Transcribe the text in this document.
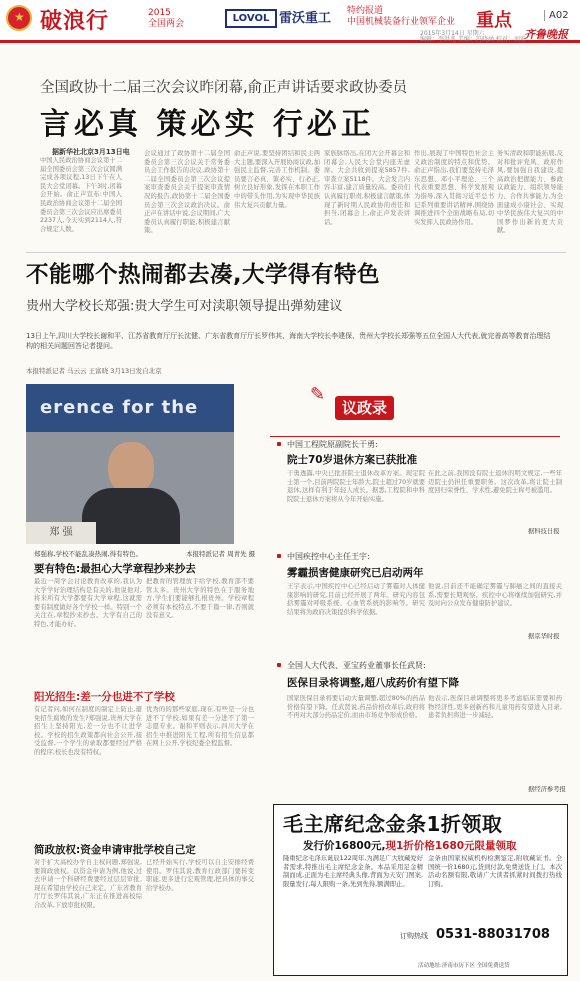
★
破浪行	2015
全国两会	LOVOL 雷沃重工 特约报道
中国机械装备行业领军企业 重点	A02
2015年3月14日 星期六
编辑：李洪兆 美编：冯晓涵 校对：刘宏
齐鲁晚报
全国政协十二届三次会议昨闭幕,俞正声讲话要求政协委员
言必真 策必实 行必正
据新华社北京3月13日电
中国人民政治协商会议第十二届全国委员会第三次会议圆满完成各项议程,13日下午在人民大会堂闭幕。下午3时,闭幕会开始。俞正声宣布:中国人民政治协商会议第十二届全国委员会第三次会议应出席委员2237人,今天实到2114人,符合规定人数。
会议通过了政协第十二届全国委员会第三次会议关于常务委员会工作报告的决议,政协第十二届全国委员会第三次会议提案审查委员会关于提案审查情况的报告,政协第十二届全国委员会第三次会议政治决议。俞正声在讲话中说,会议期间,广大委员认真履行职能,积极建言献策。
俞正声说,要坚持团结和民主两大主题,要深入开展协商议政,加强民主监督,完善工作机制。委员要言必真、策必实、行必正,树立良好形象,发挥在本职工作中的带头作用,为实现中华民族伟大复兴贡献力量。
家族脉络出,在闭大会开幕会和闭幕会,人民大会堂内座无虚席。大会共收到提案5857件,审查立案5118件。大会发言内容丰富,建言质量较高。委员们认真履行职责,积极建言献策,体现了新时期人民政协的责任和担当,闭幕会上,俞正声发表讲话。
作出,展现了中国特色社会主义政治制度的特点和优势。俞正声指出,我们要坚持毛泽东思想、邓小平理论、三个代表重要思想、科学发展观为指导,深入贯彻习近平总书记系列重要讲话精神,围绕协调推进四个全面战略布局,切实发挥人民政协作用。
务实清政和职能拓展,反对和批评党风、政府作风,要加强自我建设,提高政治把握能力、参政议政能力、组织领导能力、合作共事能力,为全面建成小康社会、实现中华民族伟大复兴的中国梦作出新的更大贡献。
不能哪个热闹都去凑,大学得有特色
贵州大学校长郑强:贵大学生可对渎职领导提出弹劾建议
13日上午,四川大学校长谢和平、江苏省教育厅厅长沈健、广东省教育厅厅长罗伟其、海南大学校长李建保、贵州大学校长郑强等五位全国人大代表,就完善高等教育治理结构的相关问题回答记者提问。
本报特派记者 马云云 王富晓 3月13日发自北京
erence for the
郑 强
郑强称,学校不能乱凑热闹,得有特色。	本报特派记者 周青先 摄
要有特色:最担心大学章程抄来抄去
最近一周学会讨论教育改革的,我认为大学学好治理结构是有关的,他说他对,将来所有大学都要有大学章程,这就需要有制度做好各个学校一样。特别一个关注在,章程抄来抄去。大学有自己的特色,才能办好。
把教育的管理放手给学校,教育部不要管太多。贵州大学的特色在于服务地方,学生们要能够扎根贵州。学校章程必须有本校特点,不要千篇一律,否则就没有意义。
阳光招生:差一分也进不了学校
有记者问,如何在制度的制定上防止,避免招生腐败的发生?郑强说,贵州大学在招生上坚持阳光,差一分也不让进学校。学校的招生政策都向社会公开,接受监督,一个学生的录取都要经过严格的程序,校长也没有特权。
优秀的的那些家庭,现在,有些是一分也进不了学校,如果有差一分进不了第一志愿专业。谢和平则表示,四川大学在招生中推进阳光工程,所有招生信息都在网上公开,学校纪委全程监督。
简政放权:资金申请审批学校自己定
对于扩大高校办学自主权问题,郑强说,要简政放权。以资金申请为例,他说,过去申请一个科研经费要经过层层审批,现在希望由学校自己来定。广东省教育厅厅长罗伟其说,广东正在推进高校综合改革,下放审批权限。
已经开始实行,学校可以自主安排经费使用。罗伟其说,教育行政部门要转变职能,更多进行宏观管理,把具体的事交给学校办。
✎
议政录
中国工程院原副院长干勇:
院士70岁退休方案已获批准
干勇透露,中央已批准院士退休改革方案。现定院士第一个,目前两院院士年龄大,院士超过70岁就要退休,这样有利于年轻人成长。据悉,工程院和中科院院士退休方案将从今年开始实施。
在此之前,我国没有院士退休的明文规定,一些年迈院士仍担任重要职务。这次改革,将让院士制度回归荣誉性、学术性,避免院士称号被滥用。
据科技日报
中国疾控中心主任王宇:
雾霾损害健康研究已启动两年
王宇表示,中国疾控中心已经启动了雾霾对人体健康影响的研究,目前已经开展了两年。研究内容包括雾霾对呼吸系统、心血管系统的影响等。研究结果将为政府决策提供科学依据。
他说,目前还不能确定雾霾与肺癌之间的直接关系,需要长期观察。疾控中心将继续加强研究,并及时向公众发布健康防护建议。
据京华时报
全国人大代表、亚宝药业董事长任武贤:
医保目录将调整,超八成药价有望下降
国家医保目录将要启动大量调整,超过80%的药品价格有望下降。任武贤说,药品价格改革后,政府将不再对大部分药品定价,而由市场竞争形成价格。
他表示,医保目录调整将更多考虑临床需要和药物经济性,更多创新药和儿童用药有望进入目录,患者负担将进一步减轻。
据经济参考报
毛主席纪念金条1折领取
发行价16800元,现1折价格1680元限量领取
隆重纪念毛泽东诞辰122周年,为满足广大收藏爱好者需求,特推出毛主席纪念金条。本品采用足金精制而成,正面为毛主席经典头像,背面为天安门图案,限量发行,每人限购一条,先到先得,额满即止。
金条由国家权威机构检测鉴定,附收藏证书。全国统一价1680元,货到付款,免费送货上门。本次活动名额有限,敬请广大读者抓紧时间拨打热线订购。
订购热线 0531-88031708
活动地址:济南市历下区 全国免费送货
